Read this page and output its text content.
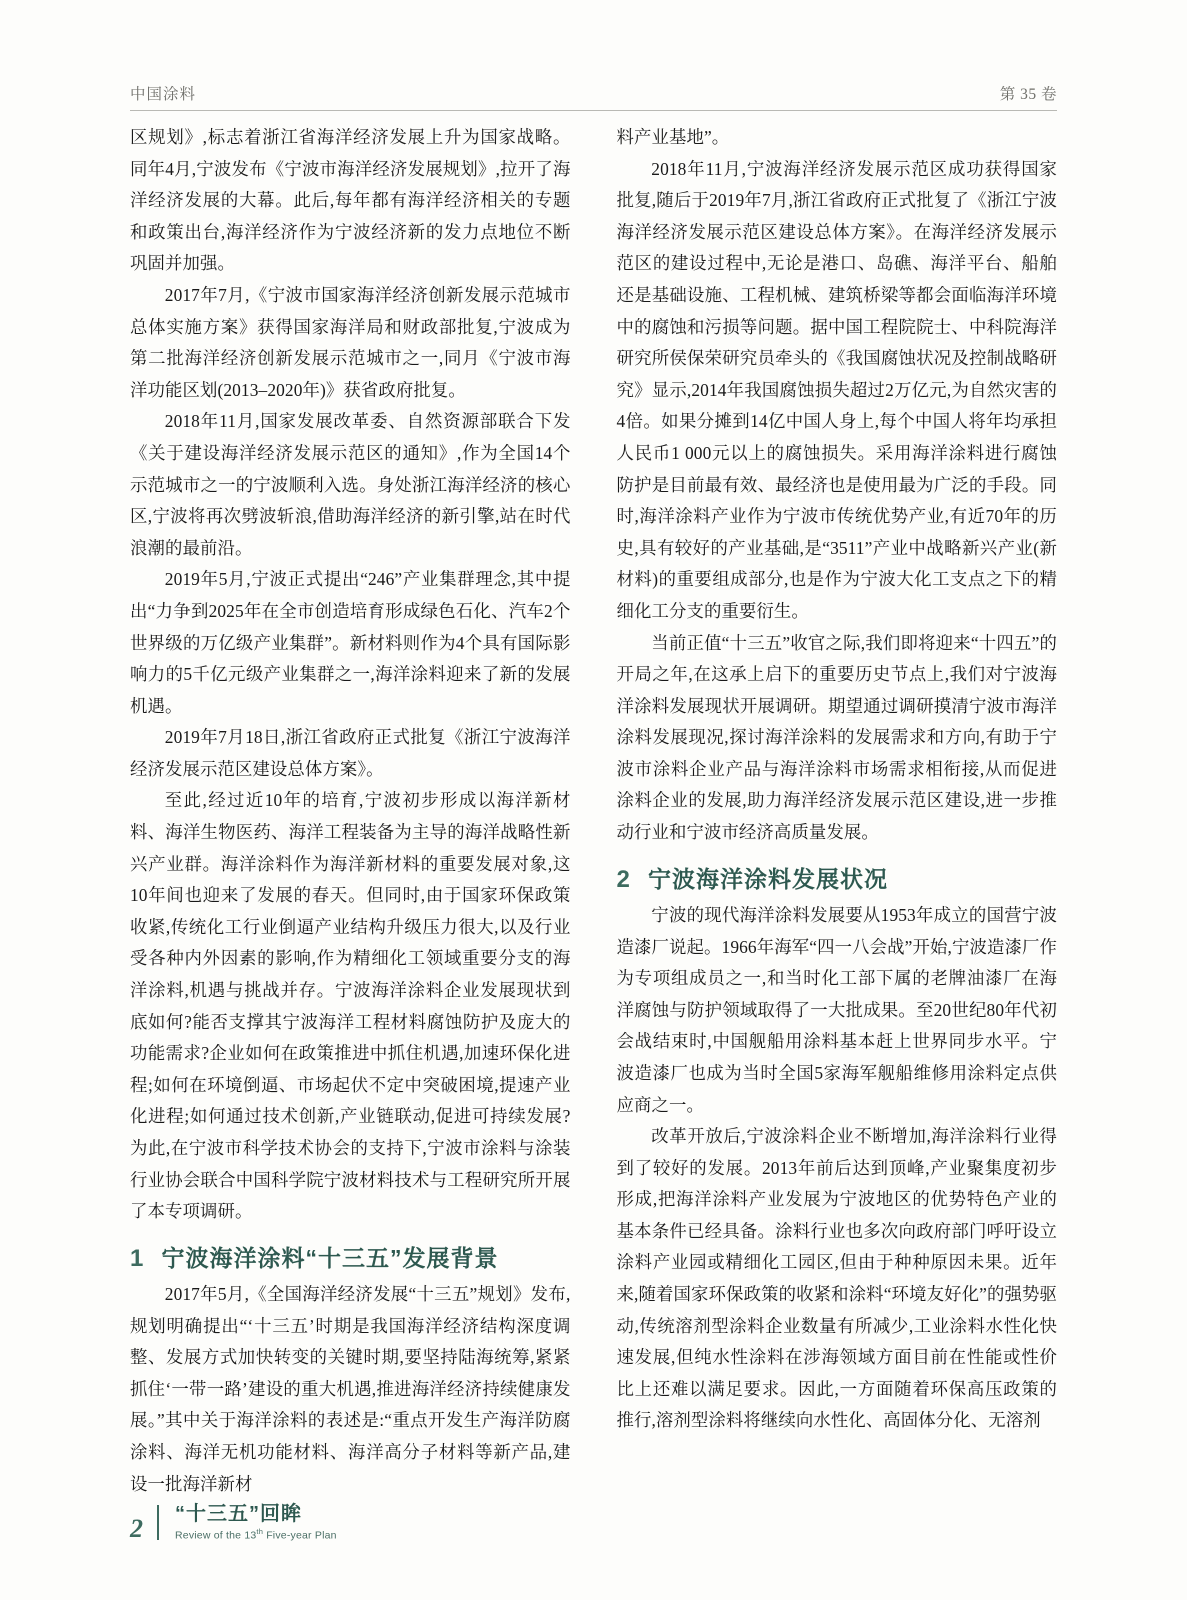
中国涂料	第 35 卷

区规划》,标志着浙江省海洋经济发展上升为国家战略。同年4月,宁波发布《宁波市海洋经济发展规划》,拉开了海洋经济发展的大幕。此后,每年都有海洋经济相关的专题和政策出台,海洋经济作为宁波经济新的发力点地位不断巩固并加强。

2017年7月,《宁波市国家海洋经济创新发展示范城市总体实施方案》获得国家海洋局和财政部批复,宁波成为第二批海洋经济创新发展示范城市之一,同月《宁波市海洋功能区划(2013–2020年)》获省政府批复。

2018年11月,国家发展改革委、自然资源部联合下发《关于建设海洋经济发展示范区的通知》,作为全国14个示范城市之一的宁波顺利入选。身处浙江海洋经济的核心区,宁波将再次劈波斩浪,借助海洋经济的新引擎,站在时代浪潮的最前沿。

2019年5月,宁波正式提出“246”产业集群理念,其中提出“力争到2025年在全市创造培育形成绿色石化、汽车2个世界级的万亿级产业集群”。新材料则作为4个具有国际影响力的5千亿元级产业集群之一,海洋涂料迎来了新的发展机遇。

2019年7月18日,浙江省政府正式批复《浙江宁波海洋经济发展示范区建设总体方案》。

至此,经过近10年的培育,宁波初步形成以海洋新材料、海洋生物医药、海洋工程装备为主导的海洋战略性新兴产业群。海洋涂料作为海洋新材料的重要发展对象,这10年间也迎来了发展的春天。但同时,由于国家环保政策收紧,传统化工行业倒逼产业结构升级压力很大,以及行业受各种内外因素的影响,作为精细化工领域重要分支的海洋涂料,机遇与挑战并存。宁波海洋涂料企业发展现状到底如何?能否支撑其宁波海洋工程材料腐蚀防护及庞大的功能需求?企业如何在政策推进中抓住机遇,加速环保化进程;如何在环境倒逼、市场起伏不定中突破困境,提速产业化进程;如何通过技术创新,产业链联动,促进可持续发展?为此,在宁波市科学技术协会的支持下,宁波市涂料与涂装行业协会联合中国科学院宁波材料技术与工程研究所开展了本专项调研。

1 宁波海洋涂料“十三五”发展背景

2017年5月,《全国海洋经济发展“十三五”规划》发布,规划明确提出“‘十三五’时期是我国海洋经济结构深度调整、发展方式加快转变的关键时期,要坚持陆海统筹,紧紧抓住‘一带一路’建设的重大机遇,推进海洋经济持续健康发展。”其中关于海洋涂料的表述是:“重点开发生产海洋防腐涂料、海洋无机功能材料、海洋高分子材料等新产品,建设一批海洋新材

料产业基地”。

2018年11月,宁波海洋经济发展示范区成功获得国家批复,随后于2019年7月,浙江省政府正式批复了《浙江宁波海洋经济发展示范区建设总体方案》。在海洋经济发展示范区的建设过程中,无论是港口、岛礁、海洋平台、船舶还是基础设施、工程机械、建筑桥梁等都会面临海洋环境中的腐蚀和污损等问题。据中国工程院院士、中科院海洋研究所侯保荣研究员牵头的《我国腐蚀状况及控制战略研究》显示,2014年我国腐蚀损失超过2万亿元,为自然灾害的4倍。如果分摊到14亿中国人身上,每个中国人将年均承担人民币1 000元以上的腐蚀损失。采用海洋涂料进行腐蚀防护是目前最有效、最经济也是使用最为广泛的手段。同时,海洋涂料产业作为宁波市传统优势产业,有近70年的历史,具有较好的产业基础,是“3511”产业中战略新兴产业(新材料)的重要组成部分,也是作为宁波大化工支点之下的精细化工分支的重要衍生。

当前正值“十三五”收官之际,我们即将迎来“十四五”的开局之年,在这承上启下的重要历史节点上,我们对宁波海洋涂料发展现状开展调研。期望通过调研摸清宁波市海洋涂料发展现况,探讨海洋涂料的发展需求和方向,有助于宁波市涂料企业产品与海洋涂料市场需求相衔接,从而促进涂料企业的发展,助力海洋经济发展示范区建设,进一步推动行业和宁波市经济高质量发展。

2 宁波海洋涂料发展状况

宁波的现代海洋涂料发展要从1953年成立的国营宁波造漆厂说起。1966年海军“四一八会战”开始,宁波造漆厂作为专项组成员之一,和当时化工部下属的老牌油漆厂在海洋腐蚀与防护领域取得了一大批成果。至20世纪80年代初会战结束时,中国舰船用涂料基本赶上世界同步水平。宁波造漆厂也成为当时全国5家海军舰船维修用涂料定点供应商之一。

改革开放后,宁波涂料企业不断增加,海洋涂料行业得到了较好的发展。2013年前后达到顶峰,产业聚集度初步形成,把海洋涂料产业发展为宁波地区的优势特色产业的基本条件已经具备。涂料行业也多次向政府部门呼吁设立涂料产业园或精细化工园区,但由于种种原因未果。近年来,随着国家环保政策的收紧和涂料“环境友好化”的强势驱动,传统溶剂型涂料企业数量有所减少,工业涂料水性化快速发展,但纯水性涂料在涉海领域方面目前在性能或性价比上还难以满足要求。因此,一方面随着环保高压政策的推行,溶剂型涂料将继续向水性化、高固体分化、无溶剂

2 “十三五”回眸
Review of the 13th Five-year Plan
